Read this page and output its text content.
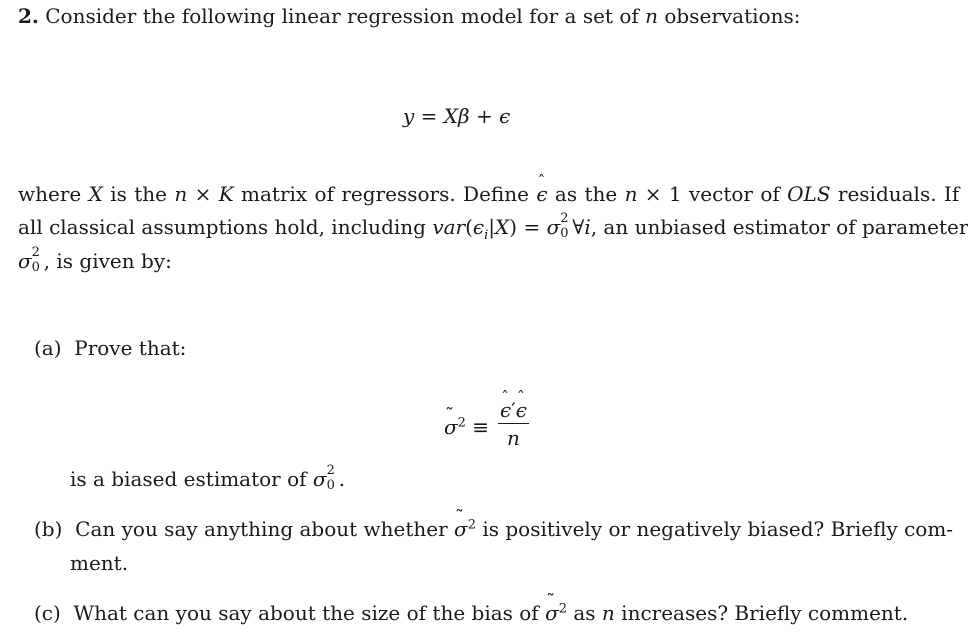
2. Consider the following linear regression model for a set of n observations:
y = Xβ + ϵ
where X is the n × K matrix of regressors. Define ˆ ϵ as the n × 1 vector of OLS residuals. If
all classical assumptions hold, including $var(\epsilon_i|X) = \sigma$ 2
0 ∀i, an unbiased estimator of parameter
σ 2
0 , is given by:
(a) Prove that:
˜ $\sigma^2$ ≡
ˆ $\frac{\text{ϵ′ˆ ϵ}}{n}$
is a biased estimator of σ 2
0 .
(b)  Can you say anything about whether ˜ $\sigma^2$ is positively or negatively biased? Briefly com-
ment.
(c)  What can you say about the size of the bias of ˜ $\sigma^2$ as n increases? Briefly comment.
